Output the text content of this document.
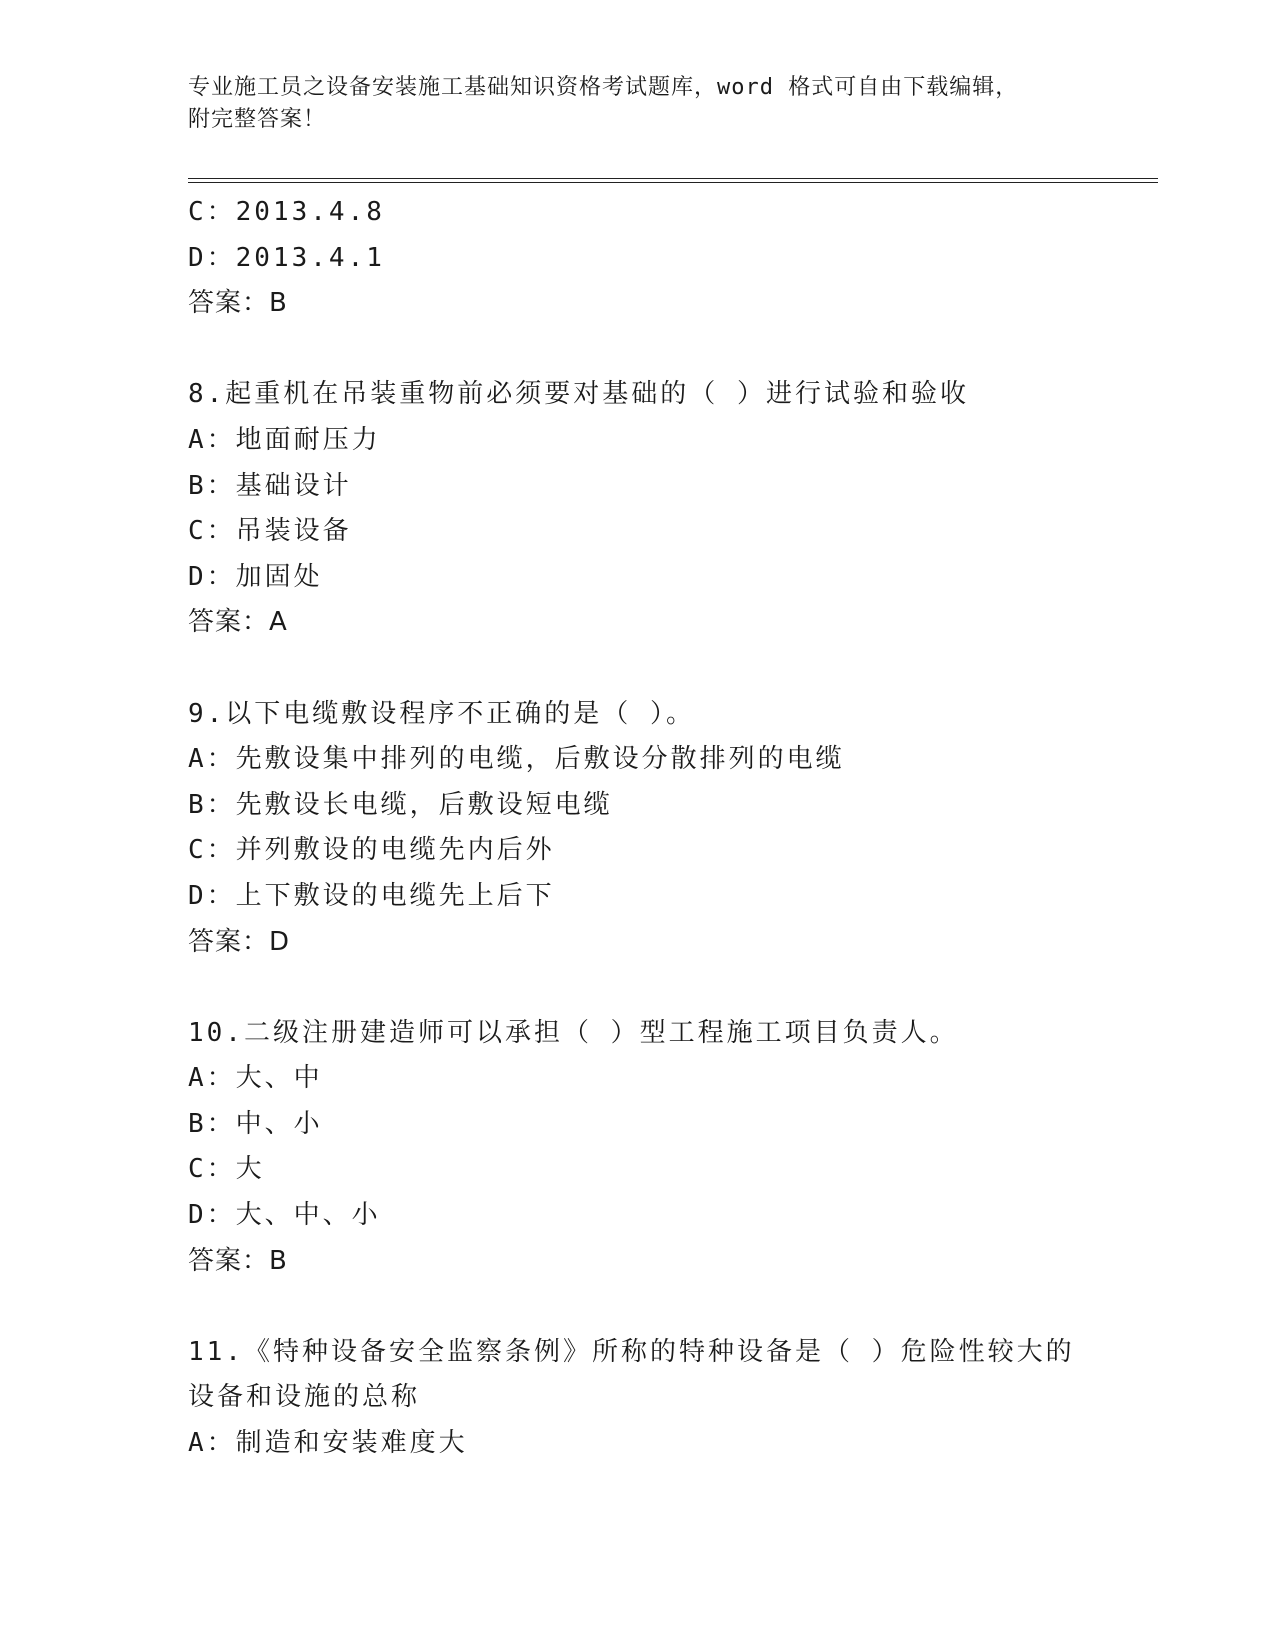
专业施工员之设备安装施工基础知识资格考试题库，word 格式可自由下载编辑，
附完整答案！
C：2013.4.8
D：2013.4.1
答案：B
8.起重机在吊装重物前必须要对基础的（ ）进行试验和验收
A：地面耐压力
B：基础设计
C：吊装设备
D：加固处
答案：A
9.以下电缆敷设程序不正确的是（ ）。
A：先敷设集中排列的电缆，后敷设分散排列的电缆
B：先敷设长电缆，后敷设短电缆
C：并列敷设的电缆先内后外
D：上下敷设的电缆先上后下
答案：D
10.二级注册建造师可以承担（ ）型工程施工项目负责人。
A：大、中
B：中、小
C：大
D：大、中、小
答案：B
11.《特种设备安全监察条例》所称的特种设备是（ ）危险性较大的
设备和设施的总称
A：制造和安装难度大
